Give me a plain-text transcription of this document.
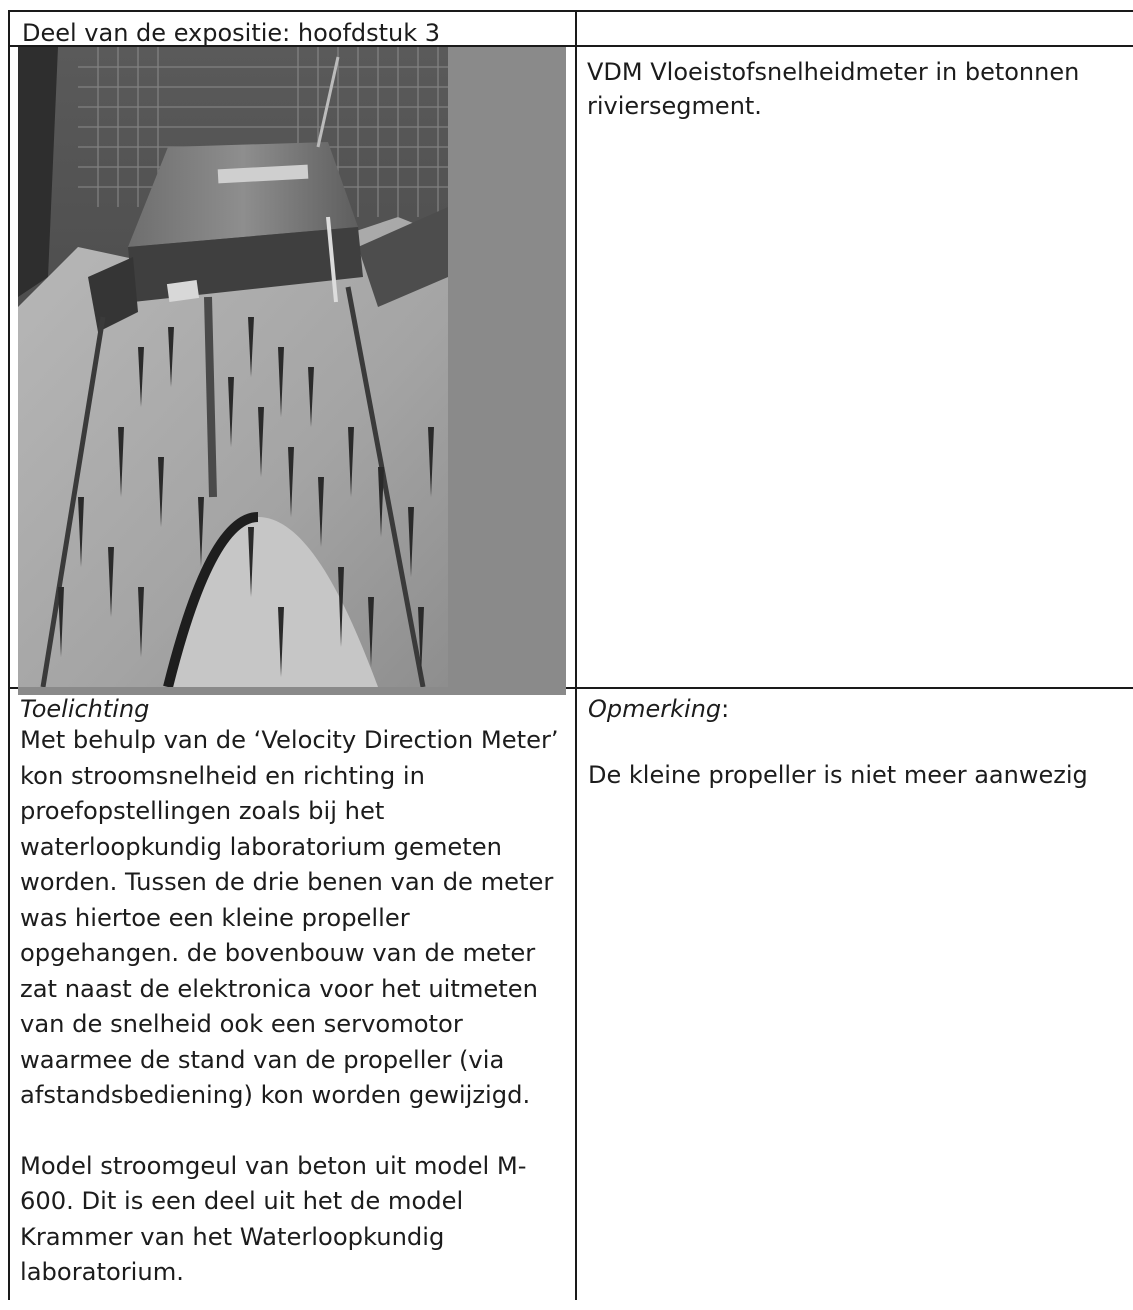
Deel van de expositie: hoofdstuk 3
VDM Vloeistofsnelheidmeter in betonnen riviersegment.
Toelichting
Met behulp van de ‘Velocity Direction Meter’ kon stroomsnelheid en richting in proefopstellingen zoals bij het waterloopkundig laboratorium gemeten worden. Tussen de drie benen van de meter was hiertoe een kleine propeller opgehangen. de bovenbouw van de meter zat naast de elektronica voor het uitmeten van de snelheid ook een servomotor waarmee de stand van de propeller (via afstandsbediening) kon worden gewijzigd.
Model stroomgeul van beton uit model M-600. Dit is een deel uit het de model Krammer van het Waterloopkundig laboratorium.
Opmerking:
De kleine propeller is niet meer aanwezig
